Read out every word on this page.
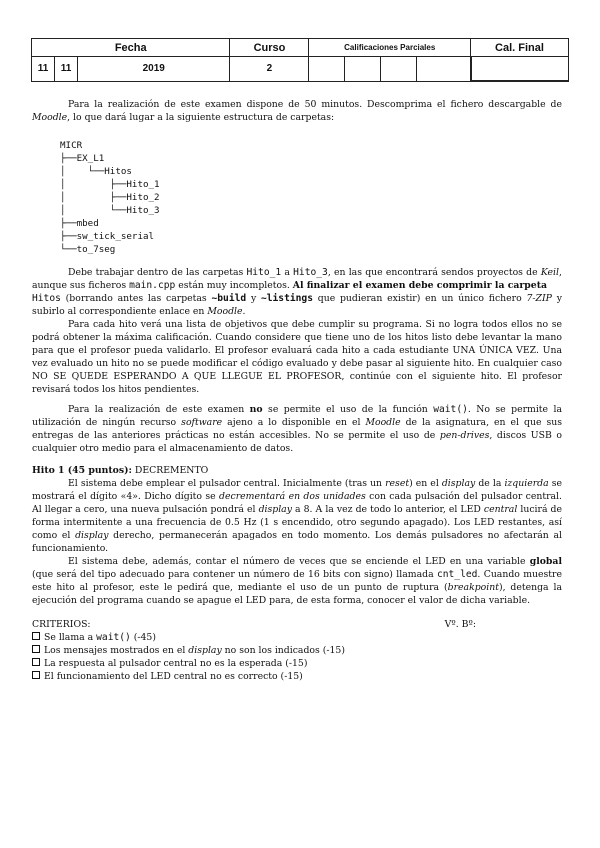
Fecha			Curso	Calificaciones Parciales				Cal. Final
11	11	2019	2					

Para la realización de este examen dispone de 50 minutos. Descomprima el fichero descargable de Moodle, lo que dará lugar a la siguiente estructura de carpetas:

MICR
├──EX_L1
│    └──Hitos
│        ├──Hito_1
│        ├──Hito_2
│        └──Hito_3
├──mbed
├──sw_tick_serial
└──to_7seg

Debe trabajar dentro de las carpetas Hito_1 a Hito_3, en las que encontrará sendos proyectos de Keil, aunque sus ficheros main.cpp están muy incompletos. Al finalizar el examen debe comprimir la carpeta
Hitos (borrando antes las carpetas ~build y ~listings que pudieran existir) en un único fichero 7-ZIP y subirlo al correspondiente enlace en Moodle.

Para cada hito verá una lista de objetivos que debe cumplir su programa. Si no logra todos ellos no se podrá obtener la máxima calificación. Cuando considere que tiene uno de los hitos listo debe levantar la mano para que el profesor pueda validarlo. El profesor evaluará cada hito a cada estudiante UNA ÚNICA VEZ. Una vez evaluado un hito no se puede modificar el código evaluado y debe pasar al siguiente hito. En cualquier caso NO SE QUEDE ESPERANDO A QUE LLEGUE EL PROFESOR, continúe con el siguiente hito. El profesor revisará todos los hitos pendientes.

Para la realización de este examen no se permite el uso de la función wait(). No se permite la utilización de ningún recurso software ajeno a lo disponible en el Moodle de la asignatura, en el que sus entregas de las anteriores prácticas no están accesibles. No se permite el uso de pen-drives, discos USB o cualquier otro medio para el almacenamiento de datos.

Hito 1 (45 puntos): DECREMENTO

El sistema debe emplear el pulsador central. Inicialmente (tras un reset) en el display de la izquierda se mostrará el dígito «4». Dicho dígito se decrementará en dos unidades con cada pulsación del pulsador central. Al llegar a cero, una nueva pulsación pondrá el display a 8. A la vez de todo lo anterior, el LED central lucirá de forma intermitente a una frecuencia de 0.5 Hz (1 s encendido, otro segundo apagado). Los LED restantes, así como el display derecho, permanecerán apagados en todo momento. Los demás pulsadores no afectarán al funcionamiento.

El sistema debe, además, contar el número de veces que se enciende el LED en una variable global (que será del tipo adecuado para contener un número de 16 bits con signo) llamada cnt_led. Cuando muestre este hito al profesor, este le pedirá que, mediante el uso de un punto de ruptura (breakpoint), detenga la ejecución del programa cuando se apague el LED para, de esta forma, conocer el valor de dicha variable.

CRITERIOS:	Vº. Bº:

Se llama a wait() (-45)

Los mensajes mostrados en el display no son los indicados (-15)

La respuesta al pulsador central no es la esperada (-15)

El funcionamiento del LED central no es correcto (-15)
